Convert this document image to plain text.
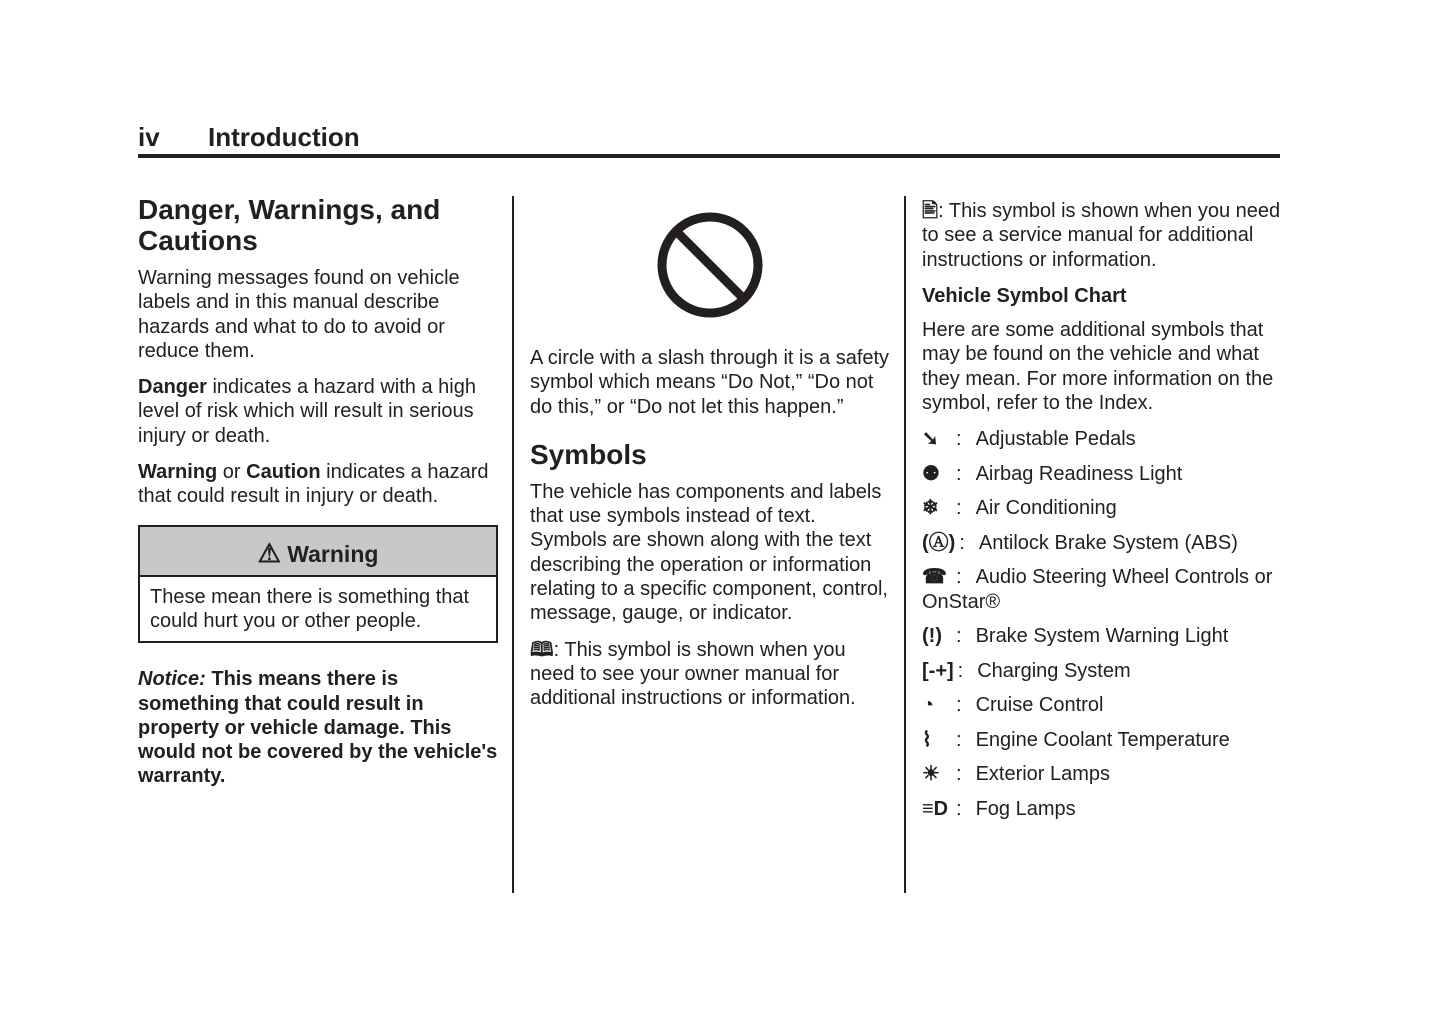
iv Introduction
Danger, Warnings, and Cautions

Warning messages found on vehicle labels and in this manual describe hazards and what to do to avoid or reduce them.

Danger indicates a hazard with a high level of risk which will result in serious injury or death.

Warning or Caution indicates a hazard that could result in injury or death.

⚠ Warning
These mean there is something that could hurt you or other people.

Notice: This means there is something that could result in property or vehicle damage. This would not be covered by the vehicle's warranty.

A circle with a slash through it is a safety symbol which means “Do Not,” “Do not do this,” or “Do not let this happen.”

Symbols

The vehicle has components and labels that use symbols instead of text. Symbols are shown along with the text describing the operation or information relating to a specific component, control, message, gauge, or indicator.

🕮: This symbol is shown when you need to see your owner manual for additional instructions or information.

🖹: This symbol is shown when you need to see a service manual for additional instructions or information.

Vehicle Symbol Chart

Here are some additional symbols that may be found on the vehicle and what they mean. For more information on the symbol, refer to the Index.

➘ : Adjustable Pedals
⚉ : Airbag Readiness Light
❄ : Air Conditioning
(Ⓐ) : Antilock Brake System (ABS)
☎ : Audio Steering Wheel Controls or OnStar®
(!) : Brake System Warning Light
[-+] : Charging System
◔ : Cruise Control
⌇ : Engine Coolant Temperature
☀ : Exterior Lamps
≡D : Fog Lamps
